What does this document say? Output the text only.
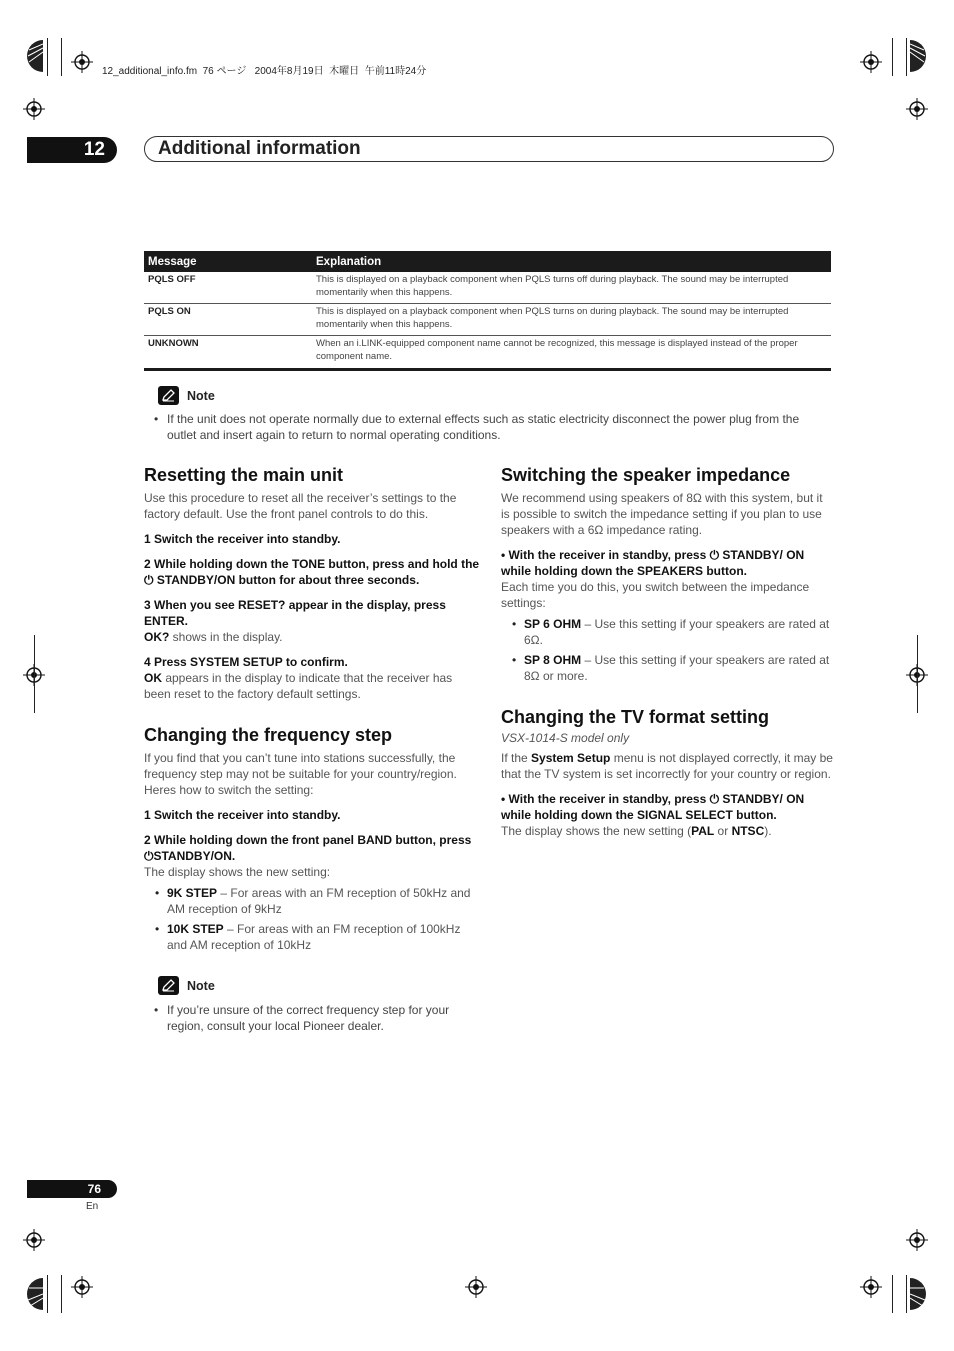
12_additional_info.fm  76 ページ   2004年8月19日  木曜日  午前11時24分
12	Additional information
Message	Explanation
PQLS OFF	This is displayed on a playback component when PQLS turns off during playback. The sound may be interrupted momentarily when this happens.
PQLS ON	This is displayed on a playback component when PQLS turns on during playback. The sound may be interrupted momentarily when this happens.
UNKNOWN	When an i.LINK-equipped component name cannot be recognized, this message is displayed instead of the proper component name.
Note
• If the unit does not operate normally due to external effects such as static electricity disconnect the power plug from the outlet and insert again to return to normal operating conditions.
Resetting the main unit
Use this procedure to reset all the receiver’s settings to the factory default. Use the front panel controls to do this.
1 Switch the receiver into standby.
2 While holding down the TONE button, press and hold the ⏻ STANDBY/ON button for about three seconds.
3 When you see RESET? appear in the display, press ENTER.
OK? shows in the display.
4 Press SYSTEM SETUP to confirm.
OK appears in the display to indicate that the receiver has been reset to the factory default settings.
Changing the frequency step
If you find that you can’t tune into stations successfully, the frequency step may not be suitable for your country/region. Heres how to switch the setting:
1 Switch the receiver into standby.
2 While holding down the front panel BAND button, press ⏻STANDBY/ON.
The display shows the new setting:
• 9K STEP – For areas with an FM reception of 50kHz and AM reception of 9kHz
• 10K STEP – For areas with an FM reception of 100kHz and AM reception of 10kHz
Note
• If you’re unsure of the correct frequency step for your region, consult your local Pioneer dealer.
Switching the speaker impedance
We recommend using speakers of 8Ω with this system, but it is possible to switch the impedance setting if you plan to use speakers with a 6Ω impedance rating.
• With the receiver in standby, press ⏻ STANDBY/ ON while holding down the SPEAKERS button.
Each time you do this, you switch between the impedance settings:
• SP 6 OHM – Use this setting if your speakers are rated at 6Ω.
• SP 8 OHM – Use this setting if your speakers are rated at 8Ω or more.
Changing the TV format setting
VSX-1014-S model only
If the System Setup menu is not displayed correctly, it may be that the TV system is set incorrectly for your country or region.
• With the receiver in standby, press ⏻ STANDBY/ ON while holding down the SIGNAL SELECT button.
The display shows the new setting (PAL or NTSC).
76
En
